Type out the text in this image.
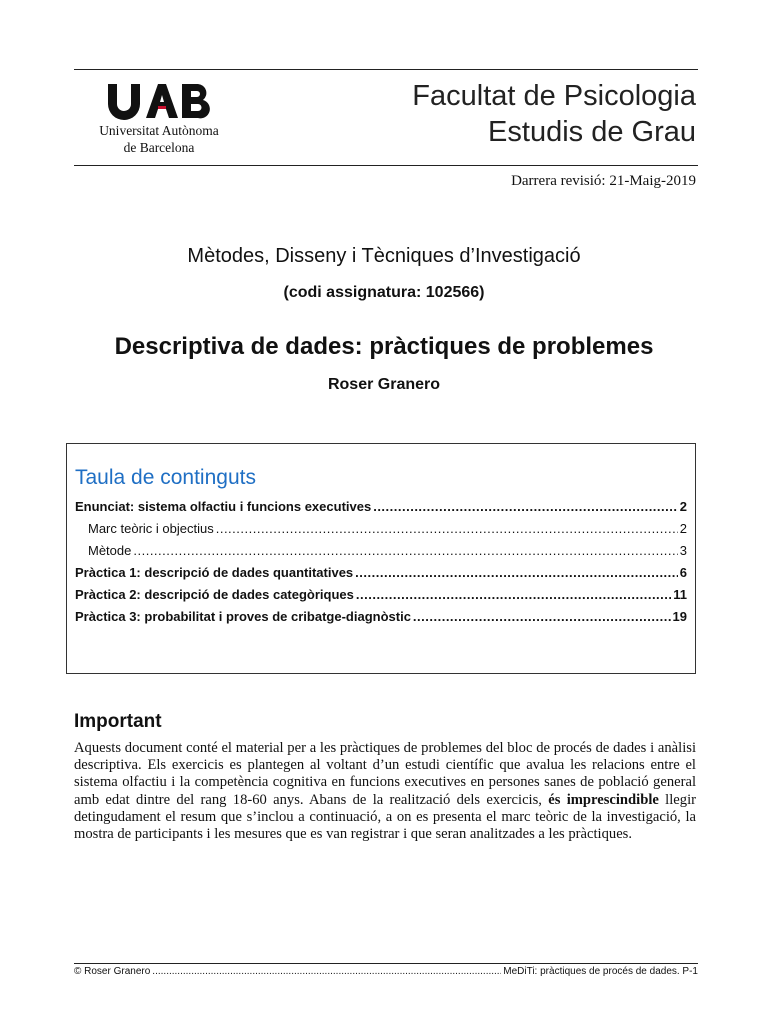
Universitat Autònoma
de Barcelona
Facultat de Psicologia
Estudis de Grau
Darrera revisió: 21-Maig-2019
Mètodes, Disseny i Tècniques d’Investigació
(codi assignatura: 102566)
Descriptiva de dades: pràctiques de problemes
Roser Granero
Taula de continguts
Enunciat: sistema olfactiu i funcions executives .....	2
Marc teòric i objectius .....	2
Mètode .....	3
Pràctica 1: descripció de dades quantitatives .....	6
Pràctica 2: descripció de dades categòriques .....	11
Pràctica 3: probabilitat i proves de cribatge-diagnòstic .....	19
Important
Aquests document conté el material per a les pràctiques de problemes del bloc de procés de dades i anàlisi descriptiva. Els exercicis es plantegen al voltant d’un estudi científic que avalua les relacions entre el sistema olfactiu i la competència cognitiva en funcions executives en persones sanes de població general amb edat dintre del rang 18-60 anys. Abans de la realització dels exercicis, és imprescindible llegir detingudament el resum que s’inclou a continuació, a on es presenta el marc teòric de la investigació, la mostra de participants i les mesures que es van registrar i que seran analitzades a les pràctiques.
© Roser Granero .....	MeDiTi: pràctiques de procés de dades. P-1
